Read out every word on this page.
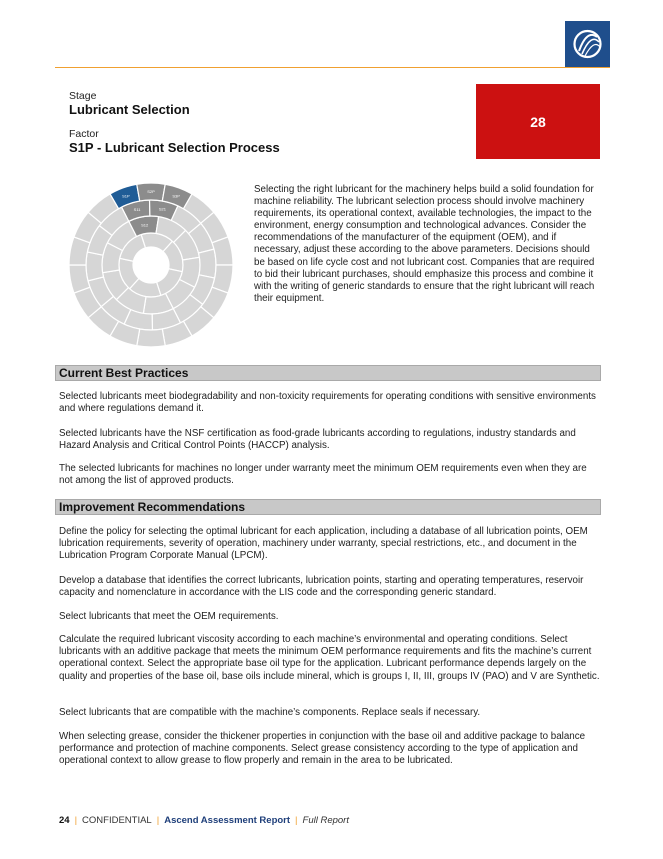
Stage
Lubricant Selection
Factor
S1P - Lubricant Selection Process
28
S12
S11	S21
S1P
S2P
S3P
Selecting the right lubricant for the machinery helps build a solid foundation for machine reliability. The lubricant selection process should involve machinery requirements, its operational context, available technologies, the impact to the environment, energy consumption and technological advances. Consider the recommendations of the manufacturer of the equipment (OEM), and if necessary, adjust these according to the above parameters. Decisions should be based on life cycle cost and not lubricant cost. Companies that are required to bid their lubricant purchases, should emphasize this process and combine it with the writing of generic standards to ensure that the right lubricant will reach their equipment.
Current Best Practices
Selected lubricants meet biodegradability and non-toxicity requirements for operating conditions with sensitive environments and where regulations demand it.
Selected lubricants have the NSF certification as food-grade lubricants according to regulations, industry standards and Hazard Analysis and Critical Control Points (HACCP) analysis.
The selected lubricants for machines no longer under warranty meet the minimum OEM requirements even when they are not among the list of approved products.
Improvement Recommendations
Define the policy for selecting the optimal lubricant for each application, including a database of all lubrication points, OEM lubrication requirements, severity of operation, machinery under warranty, special restrictions, etc., and document in the Lubrication Program Corporate Manual (LPCM).
Develop a database that identifies the correct lubricants, lubrication points, starting and operating temperatures, reservoir capacity and nomenclature in accordance with the LIS code and the corresponding generic standard.
Select lubricants that meet the OEM requirements.
Calculate the required lubricant viscosity according to each machine’s environmental and operating conditions. Select lubricants with an additive package that meets the minimum OEM performance requirements and fits the machine’s current operational context. Select the appropriate base oil type for the application. Lubricant performance depends largely on the quality and properties of the base oil, base oils include mineral, which is groups I, II, III, groups IV (PAO) and V are Synthetic.
Select lubricants that are compatible with the machine’s components. Replace seals if necessary.
When selecting grease, consider the thickener properties in conjunction with the base oil and additive package to balance performance and protection of machine components. Select grease consistency according to the type of application and operational context to allow grease to flow properly and remain in the area to be lubricated.
24 | CONFIDENTIAL | Ascend Assessment Report | Full Report
